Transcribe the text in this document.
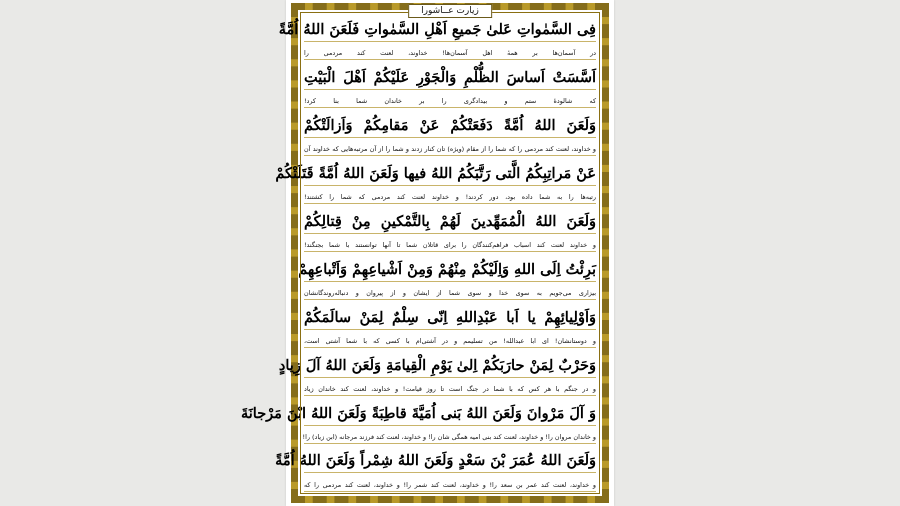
زیارت عــاشورا
فِی السَّمٰواتِ عَلیٰ جَمیعِ اَهْلِ السَّمٰواتِ فَلَعَنَ اللهُ اُمَّةً
در آسمان‌ها بر همهٔ اهل آسمان‌ها! خداوند، لعنت کند مردمی را
اَسَّسَتْ اَساسَ الظُّلْمِ وَالْجَوْرِ عَلَیْکُمْ اَهْلَ الْبَیْتِ
که شالودهٔ ستم و بیدادگری را بر خاندان شما بنا کرد!
وَلَعَنَ اللهُ اُمَّةً دَفَعَتْکُمْ عَنْ مَقامِکُمْ وَاَزالَتْکُمْ
و خداوند، لعنت کند مردمی را که شما را از مقام (ویژه) تان کنار زدند و شما را از آن مرتبه‌هایی که خداوند آن
عَنْ مَراتِبِکُمُ الَّتی رَتَّبَکُمُ اللهُ فیها وَلَعَنَ اللهُ اُمَّةً قَتَلَتْکُمْ
رتبه‌ها را به شما داده بود، دور کردند! و خداوند لعنت کند مردمی که شما را کشتند!
وَلَعَنَ اللهُ الْمُمَهِّدینَ لَهُمْ بِالتَّمْکینِ مِنْ قِتالِکُمْ
و خداوند لعنت کند اسباب فراهم‌کنندگان را برای قاتلان شما تا آنها توانستند با شما بجنگند!
بَرِئْتُ اِلَی اللهِ وَاِلَیْکُمْ مِنْهُمْ وَمِنْ اَشْیاعِهِمْ وَاَتْباعِهِمْ
بیزاری می‌جویم به سوی خدا و سوی شما از ایشان و از پیروان و دنباله‌روندگانشان
وَاَوْلِیائِهِمْ یا اَبا عَبْدِاللهِ اِنّی سِلْمٌ لِمَنْ سالَمَکُمْ
و دوستانشان! ای ابا عبدالله! من تسلیمم و در آشتی‌ام با کسی که با شما آشتی است،
وَحَرْبٌ لِمَنْ حارَبَکُمْ اِلیٰ یَوْمِ الْقِیامَةِ وَلَعَنَ اللهُ آلَ زِیادٍ
و در جنگم با هر کس که با شما در جنگ است تا روز قیامت! و خداوند، لعنت کند خاندان زیاد
وَ آلَ مَرْوانَ وَلَعَنَ اللهُ بَنی اُمَیَّةَ قاطِبَةً وَلَعَنَ اللهُ ابْنَ مَرْجانَةَ
و خاندان مروان را! و خداوند، لعنت کند بنی امیه همگی شان را! و خداوند، لعنت کند فرزند مرجانه (ابن زیاد) را!
وَلَعَنَ اللهُ عُمَرَ بْنَ سَعْدٍ وَلَعَنَ اللهُ شِمْراً وَلَعَنَ اللهُ اُمَّةً
و خداوند، لعنت کند عمر بن سعد را! و خداوند، لعنت کند شمر را! و خداوند، لعنت کند مردمی را که
